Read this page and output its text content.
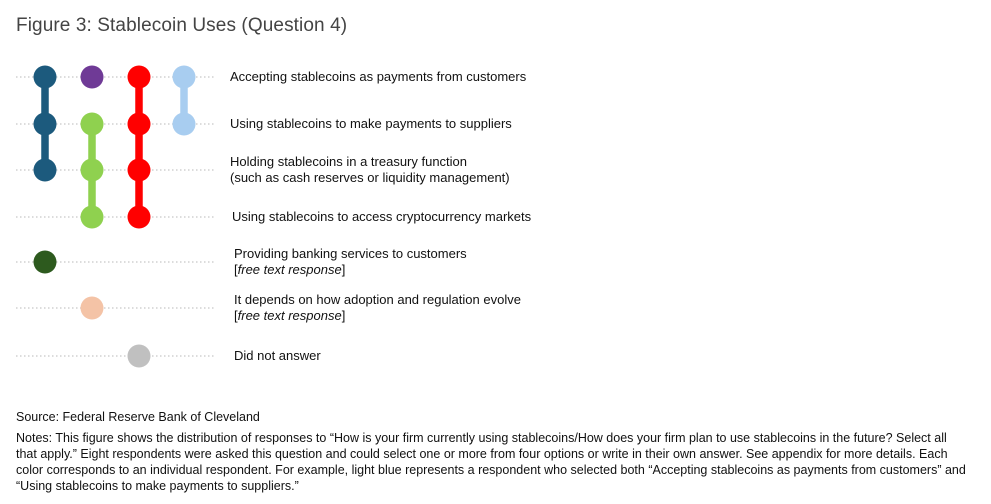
Figure 3: Stablecoin Uses (Question 4)
Accepting stablecoins as payments from customers
Using stablecoins to make payments to suppliers
Holding stablecoins in a treasury function
(such as cash reserves or liquidity management)
Using stablecoins to access cryptocurrency markets
Providing banking services to customers
[free text response]
It depends on how adoption and regulation evolve
[free text response]
Did not answer
Source: Federal Reserve Bank of Cleveland
Notes: This figure shows the distribution of responses to “How is your firm currently using stablecoins/How does your firm plan to use stablecoins in the future? Select all that apply.” Eight respondents were asked this question and could select one or more from four options or write in their own answer. See appendix for more details. Each color corresponds to an individual respondent. For example, light blue represents a respondent who selected both “Accepting stablecoins as payments from customers” and “Using stablecoins to make payments to suppliers.”
